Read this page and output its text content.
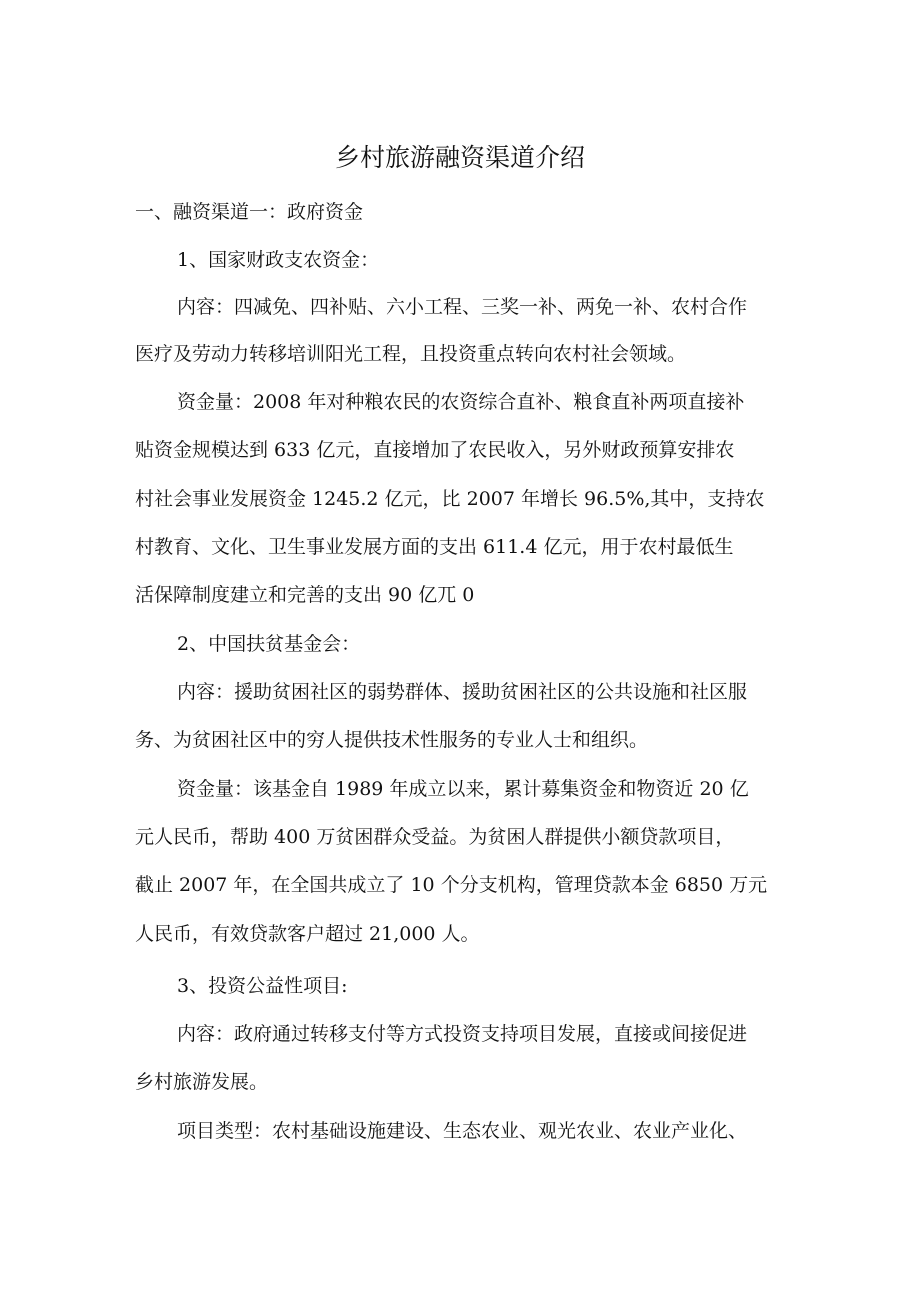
乡村旅游融资渠道介绍

一、融资渠道一：政府资金

1、国家财政支农资金：

内容：四减免、四补贴、六小工程、三奖一补、两免一补、农村合作

医疗及劳动力转移培训阳光工程，且投资重点转向农村社会领域。

资金量：2008 年对种粮农民的农资综合直补、粮食直补两项直接补

贴资金规模达到 633 亿元，直接增加了农民收入，另外财政预算安排农

村社会事业发展资金 1245.2 亿元，比 2007 年增长 96.5%,其中，支持农

村教育、文化、卫生事业发展方面的支出 611.4 亿元，用于农村最低生

活保障制度建立和完善的支出 90 亿兀 0

2、中国扶贫基金会：

内容：援助贫困社区的弱势群体、援助贫困社区的公共设施和社区服

务、为贫困社区中的穷人提供技术性服务的专业人士和组织。

资金量：该基金自 1989 年成立以来，累计募集资金和物资近 20 亿

元人民币，帮助 400 万贫困群众受益。为贫困人群提供小额贷款项目，

截止 2007 年，在全国共成立了 10 个分支机构，管理贷款本金 6850 万元

人民币，有效贷款客户超过 21,000 人。

3、投资公益性项目:

内容：政府通过转移支付等方式投资支持项目发展，直接或间接促进

乡村旅游发展。

项目类型：农村基础设施建设、生态农业、观光农业、农业产业化、
